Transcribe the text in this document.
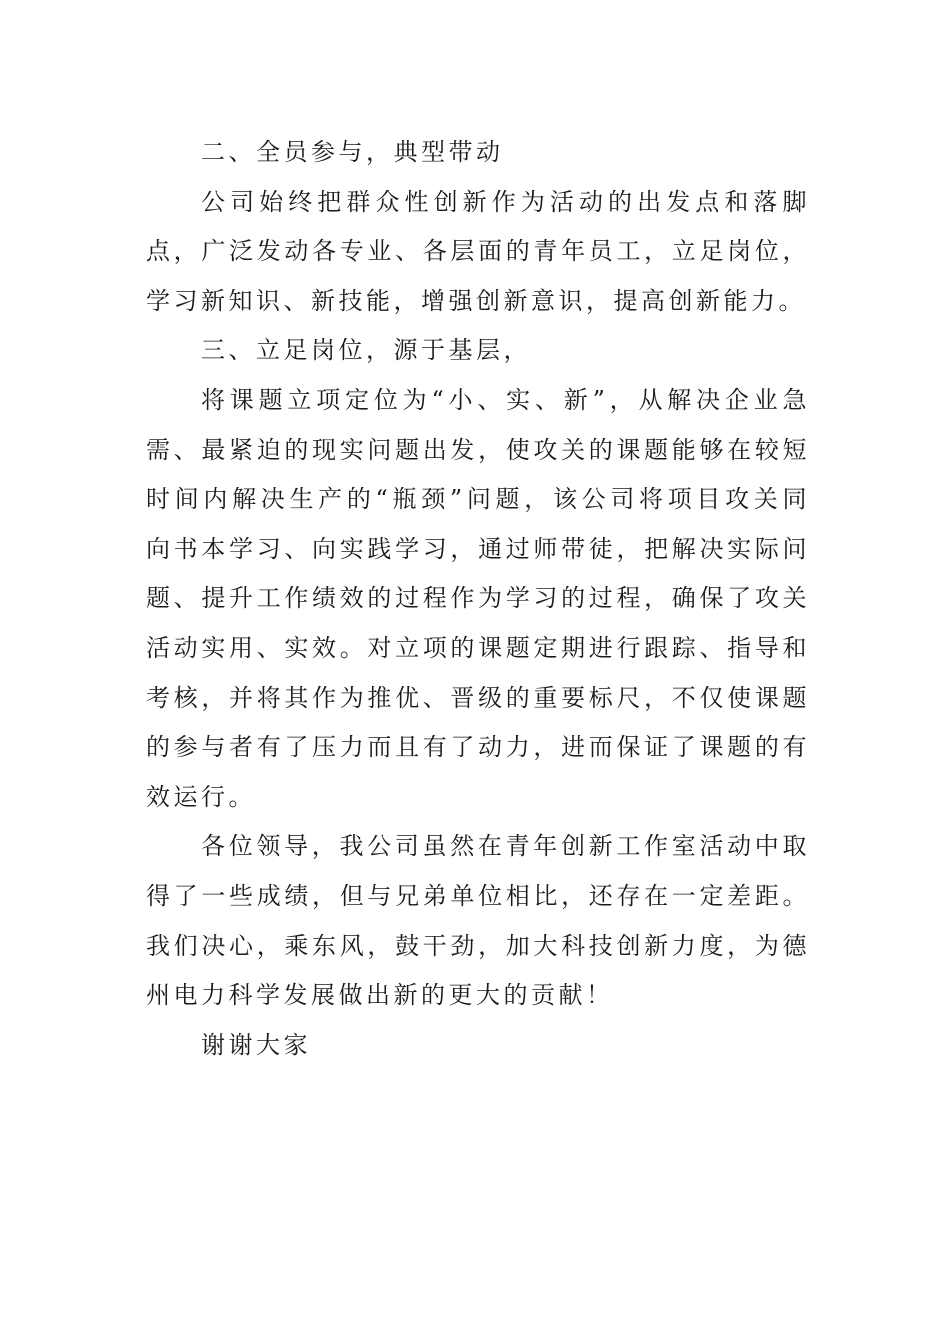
二、全员参与，典型带动

公司始终把群众性创新作为活动的出发点和落脚点，广泛发动各专业、各层面的青年员工，立足岗位，学习新知识、新技能，增强创新意识，提高创新能力。

三、立足岗位，源于基层，

将课题立项定位为“小、实、新”，从解决企业急需、最紧迫的现实问题出发，使攻关的课题能够在较短时间内解决生产的“瓶颈”问题，该公司将项目攻关同向书本学习、向实践学习，通过师带徒，把解决实际问题、提升工作绩效的过程作为学习的过程，确保了攻关活动实用、实效。对立项的课题定期进行跟踪、指导和考核，并将其作为推优、晋级的重要标尺，不仅使课题的参与者有了压力而且有了动力，进而保证了课题的有效运行。

各位领导，我公司虽然在青年创新工作室活动中取得了一些成绩，但与兄弟单位相比，还存在一定差距。我们决心，乘东风，鼓干劲，加大科技创新力度，为德州电力科学发展做出新的更大的贡献！

谢谢大家
